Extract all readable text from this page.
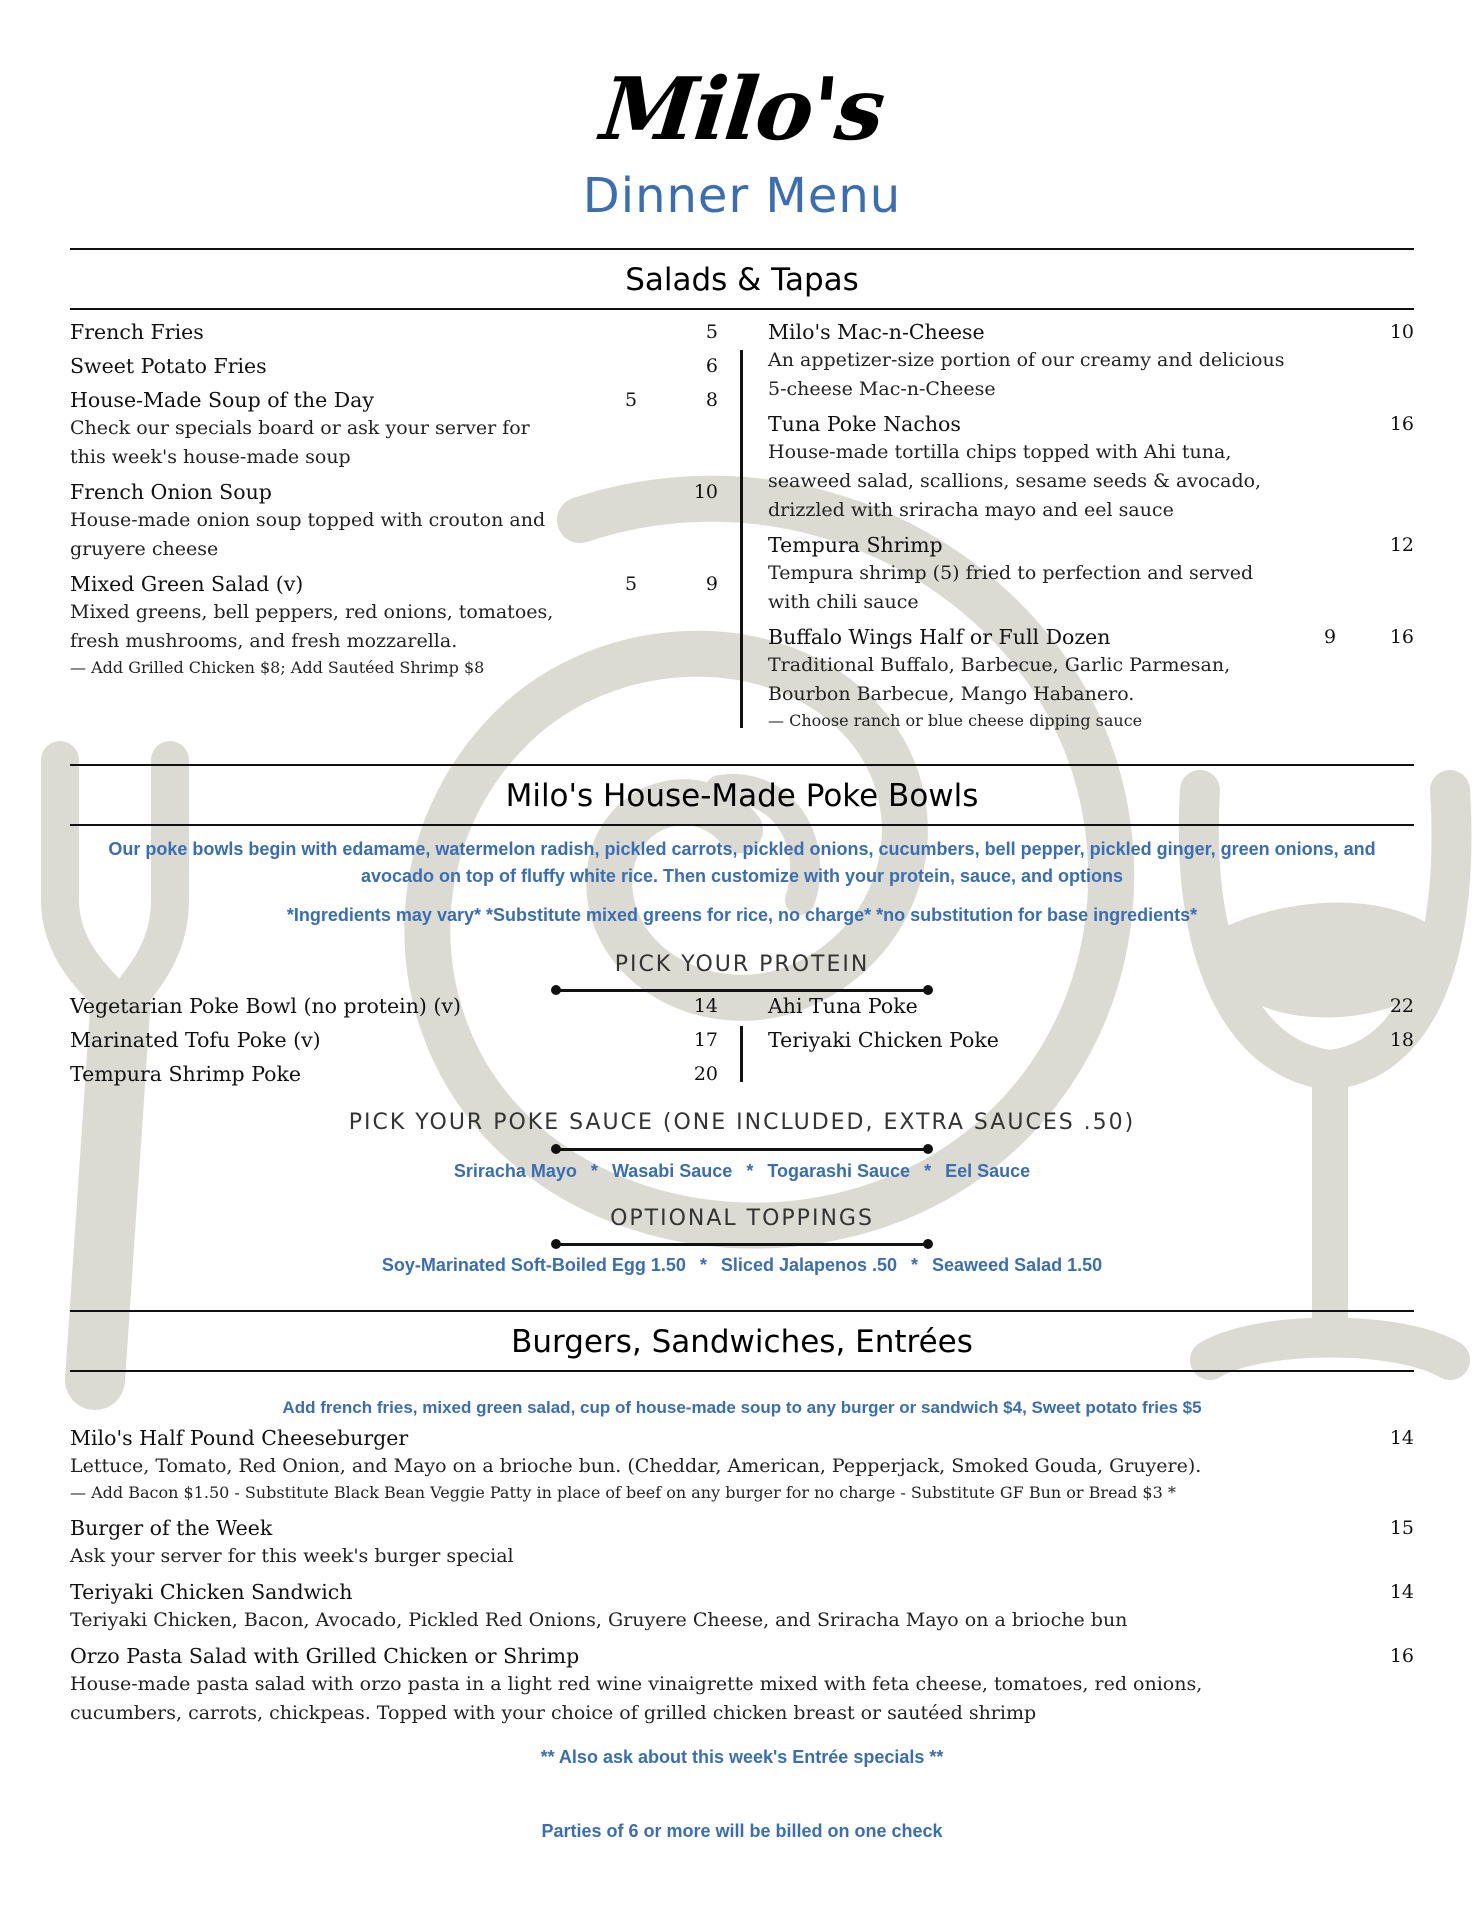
Milo's
Dinner Menu
Salads & Tapas
French Fries	5
Sweet Potato Fries	6
House-Made Soup of the Day	5	8
Check our specials board or ask your server for this week's house-made soup
French Onion Soup	10
House-made onion soup topped with crouton and gruyere cheese
Mixed Green Salad (v)	5	9
Mixed greens, bell peppers, red onions, tomatoes, fresh mushrooms, and fresh mozzarella.
— Add Grilled Chicken $8; Add Sautéed Shrimp $8
Milo's Mac-n-Cheese	10
An appetizer-size portion of our creamy and delicious 5-cheese Mac-n-Cheese
Tuna Poke Nachos	16
House-made tortilla chips topped with Ahi tuna, seaweed salad, scallions, sesame seeds & avocado, drizzled with sriracha mayo and eel sauce
Tempura Shrimp	12
Tempura shrimp (5) fried to perfection and served with chili sauce
Buffalo Wings Half or Full Dozen	9	16
Traditional Buffalo, Barbecue, Garlic Parmesan, Bourbon Barbecue, Mango Habanero.
— Choose ranch or blue cheese dipping sauce
Milo's House-Made Poke Bowls
Our poke bowls begin with edamame, watermelon radish, pickled carrots, pickled onions, cucumbers, bell pepper, pickled ginger, green onions, and avocado on top of fluffy white rice. Then customize with your protein, sauce, and options
*Ingredients may vary* *Substitute mixed greens for rice, no charge* *no substitution for base ingredients*
PICK YOUR PROTEIN
Vegetarian Poke Bowl (no protein) (v)	14
Marinated Tofu Poke (v)	17
Tempura Shrimp Poke	20
Ahi Tuna Poke	22
Teriyaki Chicken Poke	18
PICK YOUR POKE SAUCE (ONE INCLUDED, EXTRA SAUCES .50)
Sriracha Mayo * Wasabi Sauce * Togarashi Sauce * Eel Sauce
OPTIONAL TOPPINGS
Soy-Marinated Soft-Boiled Egg 1.50 * Sliced Jalapenos .50 * Seaweed Salad 1.50
Burgers, Sandwiches, Entrées
Add french fries, mixed green salad, cup of house-made soup to any burger or sandwich $4, Sweet potato fries $5
Milo's Half Pound Cheeseburger	14
Lettuce, Tomato, Red Onion, and Mayo on a brioche bun. (Cheddar, American, Pepperjack, Smoked Gouda, Gruyere).
— Add Bacon $1.50 - Substitute Black Bean Veggie Patty in place of beef on any burger for no charge - Substitute GF Bun or Bread $3 *
Burger of the Week	15
Ask your server for this week's burger special
Teriyaki Chicken Sandwich	14
Teriyaki Chicken, Bacon, Avocado, Pickled Red Onions, Gruyere Cheese, and Sriracha Mayo on a brioche bun
Orzo Pasta Salad with Grilled Chicken or Shrimp	16
House-made pasta salad with orzo pasta in a light red wine vinaigrette mixed with feta cheese, tomatoes, red onions, cucumbers, carrots, chickpeas. Topped with your choice of grilled chicken breast or sautéed shrimp
** Also ask about this week's Entrée specials **
Parties of 6 or more will be billed on one check
